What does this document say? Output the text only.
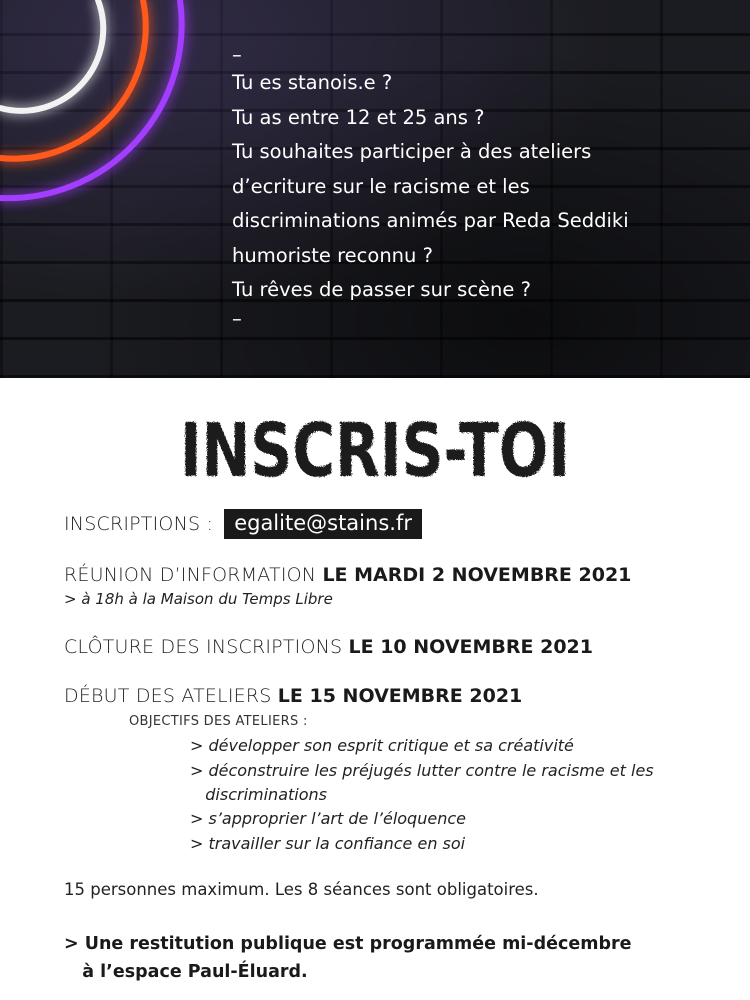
–
Tu es stanois.e ?
Tu as entre 12 et 25 ans ?
Tu souhaites participer à des ateliers
d’ecriture sur le racisme et les
discriminations animés par Reda Seddiki
humoriste reconnu ?
Tu rêves de passer sur scène ?
–
INSCRIS-TOI
INSCRIPTIONS : egalite@stains.fr
RÉUNION D’INFORMATION LE MARDI 2 NOVEMBRE 2021
> à 18h à la Maison du Temps Libre
CLÔTURE DES INSCRIPTIONS LE 10 NOVEMBRE 2021
DÉBUT DES ATELIERS LE 15 NOVEMBRE 2021
OBJECTIFS DES ATELIERS :
> développer son esprit critique et sa créativité
> déconstruire les préjugés lutter contre le racisme et les
discriminations
> s’approprier l’art de l’éloquence
> travailler sur la confiance en soi
15 personnes maximum. Les 8 séances sont obligatoires.
> Une restitution publique est programmée mi-décembre
à l’espace Paul-Éluard.
